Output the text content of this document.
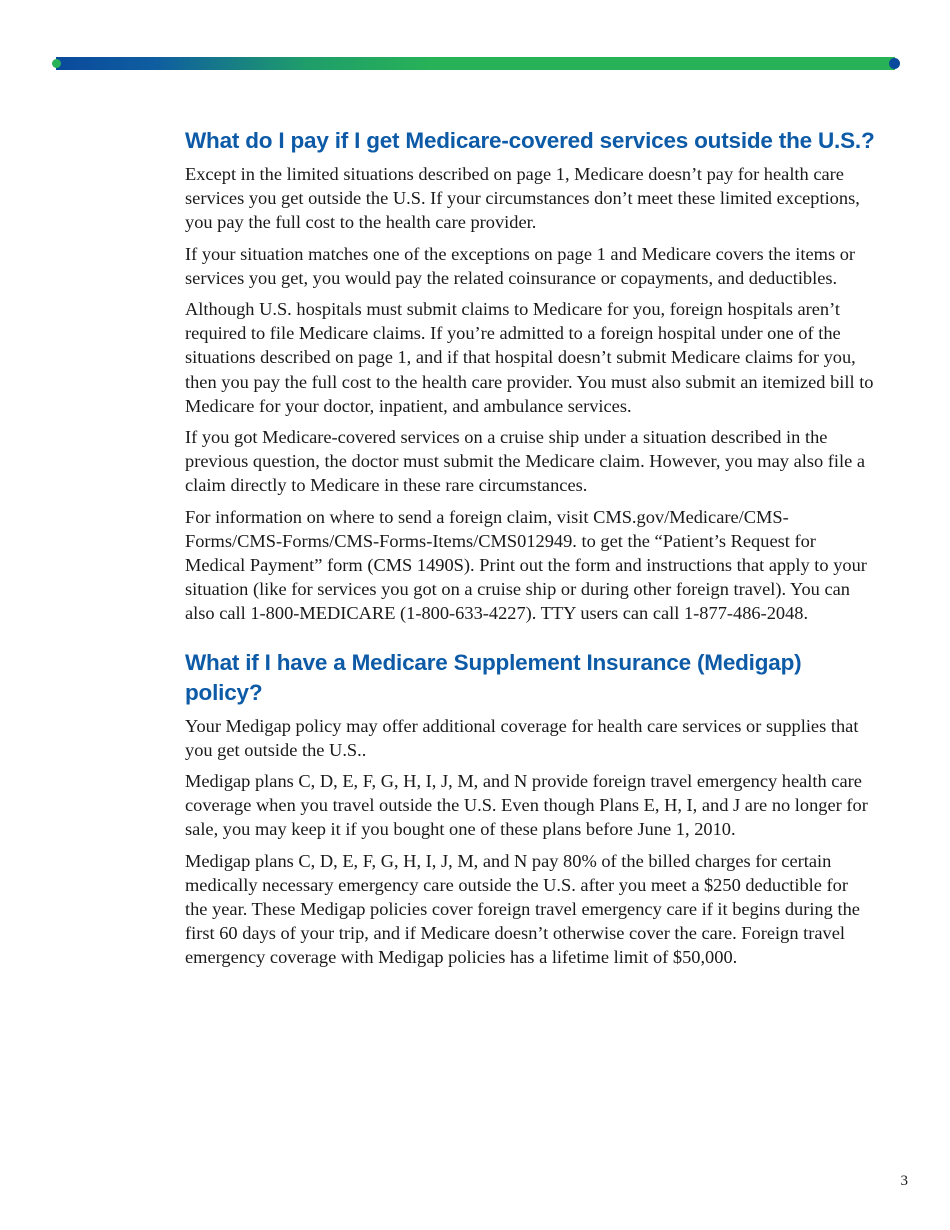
What do I pay if I get Medicare-covered services outside the U.S.?

Except in the limited situations described on page 1, Medicare doesn’t pay for health care services you get outside the U.S. If your circumstances don’t meet these limited exceptions, you pay the full cost to the health care provider.

If your situation matches one of the exceptions on page 1 and Medicare covers the items or services you get, you would pay the related coinsurance or copayments, and deductibles.

Although U.S. hospitals must submit claims to Medicare for you, foreign hospitals aren’t required to file Medicare claims. If you’re admitted to a foreign hospital under one of the situations described on page 1, and if that hospital doesn’t submit Medicare claims for you, then you pay the full cost to the health care provider. You must also submit an itemized bill to Medicare for your doctor, inpatient, and ambulance services.

If you got Medicare-covered services on a cruise ship under a situation described in the previous question, the doctor must submit the Medicare claim. However, you may also file a claim directly to Medicare in these rare circumstances.

For information on where to send a foreign claim, visit CMS.gov/Medicare/CMS-Forms/CMS-Forms/CMS-Forms-Items/CMS012949. to get the “Patient’s Request for Medical Payment” form (CMS 1490S). Print out the form and instructions that apply to your situation (like for services you got on a cruise ship or during other foreign travel). You can also call 1-800-MEDICARE (1-800-633-4227). TTY users can call 1-877-486-2048.

What if I have a Medicare Supplement Insurance (Medigap) policy?

Your Medigap policy may offer additional coverage for health care services or supplies that you get outside the U.S..

Medigap plans C, D, E, F, G, H, I, J, M, and N provide foreign travel emergency health care coverage when you travel outside the U.S. Even though Plans E, H, I, and J are no longer for sale, you may keep it if you bought one of these plans before June 1, 2010.

Medigap plans C, D, E, F, G, H, I, J, M, and N pay 80% of the billed charges for certain medically necessary emergency care outside the U.S. after you meet a $250 deductible for the year. These Medigap policies cover foreign travel emergency care if it begins during the first 60 days of your trip, and if Medicare doesn’t otherwise cover the care. Foreign travel emergency coverage with Medigap policies has a lifetime limit of $50,000.

3
